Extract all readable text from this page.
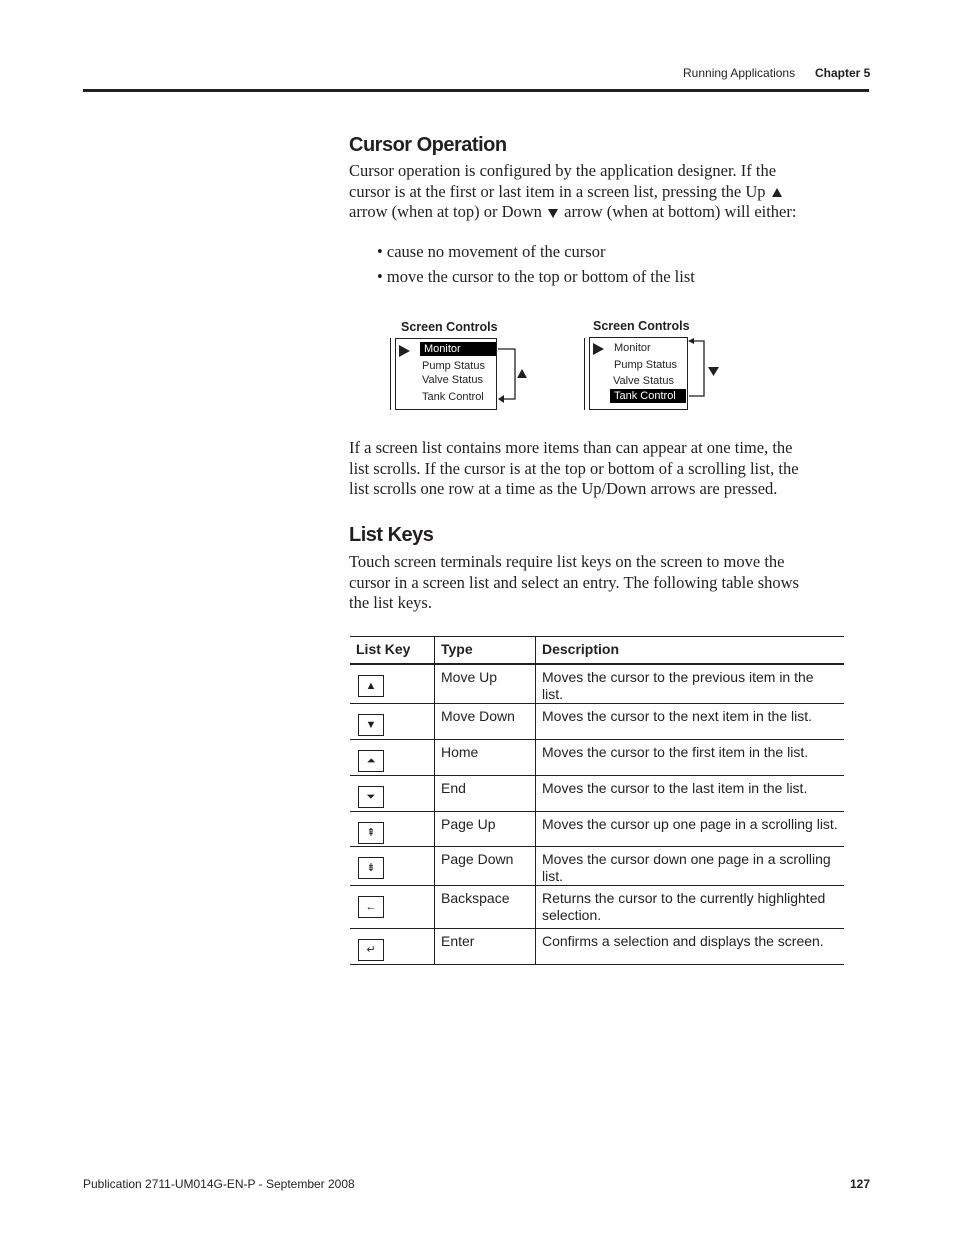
Running Applications Chapter 5
Cursor Operation
Cursor operation is configured by the application designer. If the
cursor is at the first or last item in a screen list, pressing the Up
arrow (when at top) or Down arrow (when at bottom) will either:
• cause no movement of the cursor
• move the cursor to the top or bottom of the list
Screen Controls
Monitor
Pump Status
Valve Status
Tank Control
Screen Controls
Monitor
Pump Status
Valve Status
Tank Control
If a screen list contains more items than can appear at one time, the
list scrolls. If the cursor is at the top or bottom of a scrolling list, the
list scrolls one row at a time as the Up/Down arrows are pressed.
List Keys
Touch screen terminals require list keys on the screen to move the
cursor in a screen list and select an entry. The following table shows
the list keys.
List Key	Type	Description

▲	Move Up	Moves the cursor to the previous item in the list.

▼	Move Down	Moves the cursor to the next item in the list.

⏶	Home	Moves the cursor to the first item in the list.

⏷	End	Moves the cursor to the last item in the list.

⇞	Page Up	Moves the cursor up one page in a scrolling list.

⇟	Page Down	Moves the cursor down one page in a scrolling list.

←	Backspace	Returns the cursor to the currently highlighted selection.

↵	Enter	Confirms a selection and displays the screen.
Publication 2711-UM014G-EN-P - September 2008	127
